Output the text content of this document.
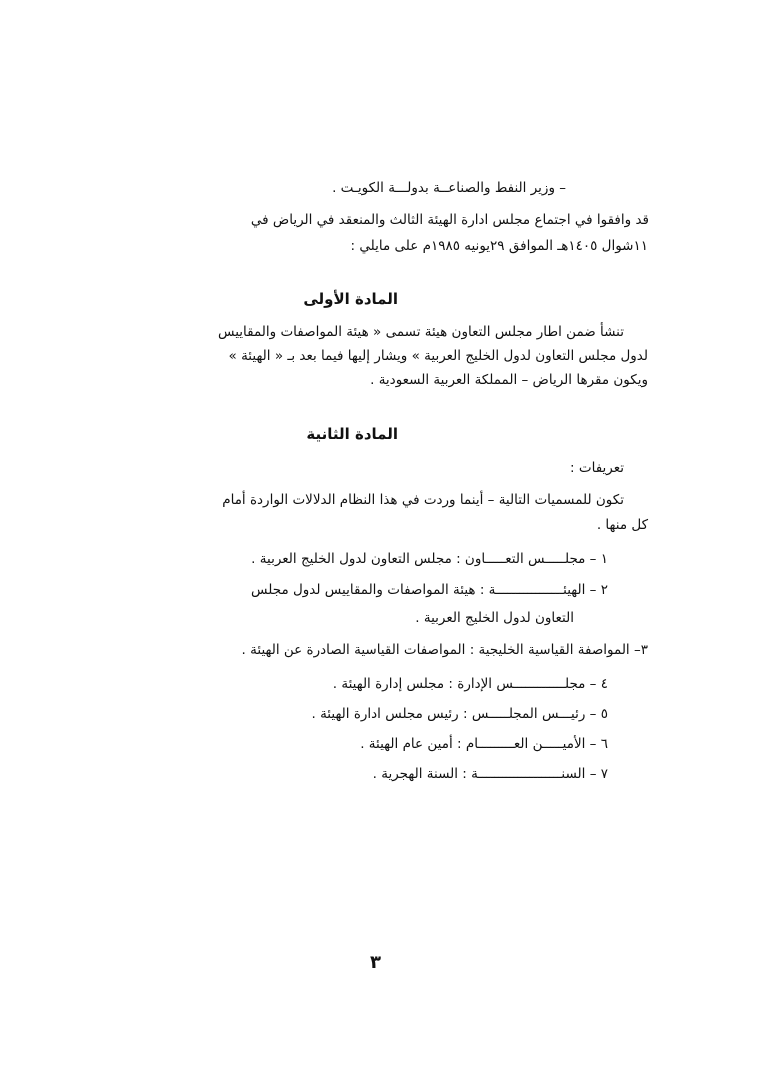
– وزير النفط والصناعــة بدولـــة الكويـت .
قد وافقوا في اجتماع مجلس ادارة الهيئة الثالث والمنعقد في الرياض في
١١شوال ١٤٠٥هـ الموافق ٢٩يونيه ١٩٨٥م على مايلي :
المادة الأولى
تنشأ ضمن اطار مجلس التعاون هيئة تسمى « هيئة المواصفات والمقاييس
لدول مجلس التعاون لدول الخليج العربية » ويشار إليها فيما بعد بـ « الهيئة »
ويكون مقرها الرياض – المملكة العربية السعودية .
المادة الثانية
تعريفات :
تكون للمسميات التالية – أينما وردت في هذا النظام الدلالات الواردة أمام
كل منها .
١ – مجلـــــس التعـــــاون : مجلس التعاون لدول الخليج العربية .
٢ – الهيئـــــــــــــــــة : هيئة المواصفات والمقاييس لدول مجلس
التعاون لدول الخليج العربية .
٣– المواصفة القياسية الخليجية : المواصفات القياسية الصادرة عن الهيئة .
٤ – مجلـــــــــــــس الإدارة : مجلس إدارة الهيئة .
٥ – رئيـــس المجلـــــس : رئيس مجلس ادارة الهيئة .
٦ – الأميـــــن العـــــــــام : أمين عام الهيئة .
٧ – السنـــــــــــــــــــــة : السنة الهجرية .
٣
